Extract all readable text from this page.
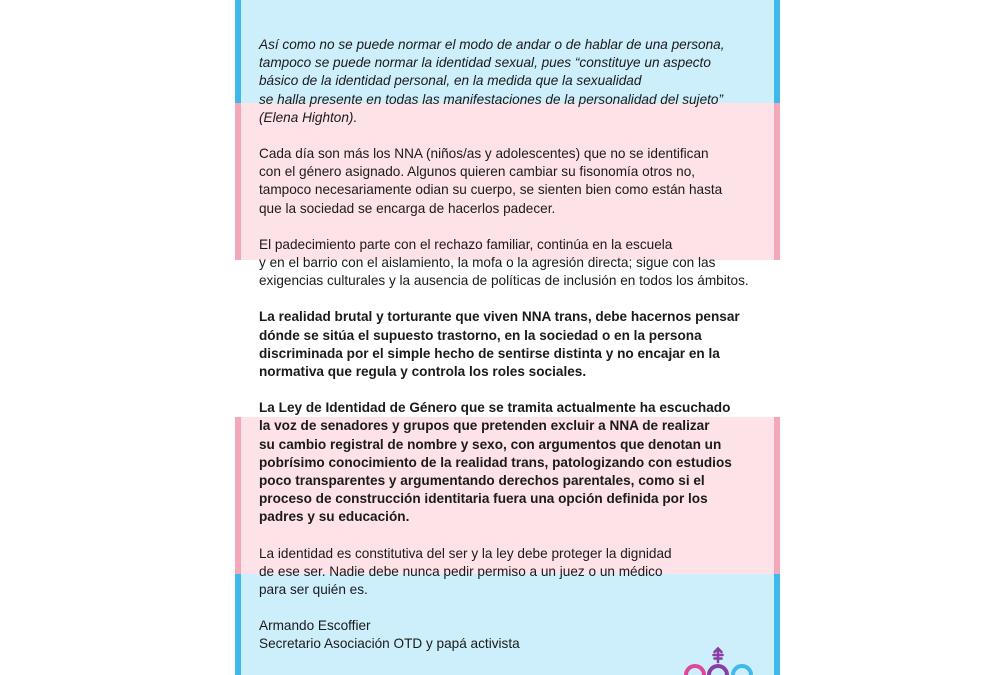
Así como no se puede normar el modo de andar o de hablar de una persona,
tampoco se puede normar la identidad sexual, pues “constituye un aspecto
básico de la identidad personal, en la medida que la sexualidad
se halla presente en todas las manifestaciones de la personalidad del sujeto”
(Elena Highton).

Cada día son más los NNA (niños/as y adolescentes) que no se identifican
con el género asignado. Algunos quieren cambiar su fisonomía otros no,
tampoco necesariamente odian su cuerpo, se sienten bien como están hasta
que la sociedad se encarga de hacerlos padecer.

El padecimiento parte con el rechazo familiar, continúa en la escuela
y en el barrio con el aislamiento, la mofa o la agresión directa; sigue con las
exigencias culturales y la ausencia de políticas de inclusión en todos los ámbitos.

La realidad brutal y torturante que viven NNA trans, debe hacernos pensar
dónde se sitúa el supuesto trastorno, en la sociedad o en la persona
discriminada por el simple hecho de sentirse distinta y no encajar en la
normativa que regula y controla los roles sociales.

La Ley de Identidad de Género que se tramita actualmente ha escuchado
la voz de senadores y grupos que pretenden excluir a NNA de realizar
su cambio registral de nombre y sexo, con argumentos que denotan un
pobrísimo conocimiento de la realidad trans, patologizando con estudios
poco transparentes y argumentando derechos parentales, como si el
proceso de construcción identitaria fuera una opción definida por los
padres y su educación.

La identidad es constitutiva del ser y la ley debe proteger la dignidad
de ese ser. Nadie debe nunca pedir permiso a un juez o un médico
para ser quién es.

Armando Escoffier
Secretario Asociación OTD y papá activista
